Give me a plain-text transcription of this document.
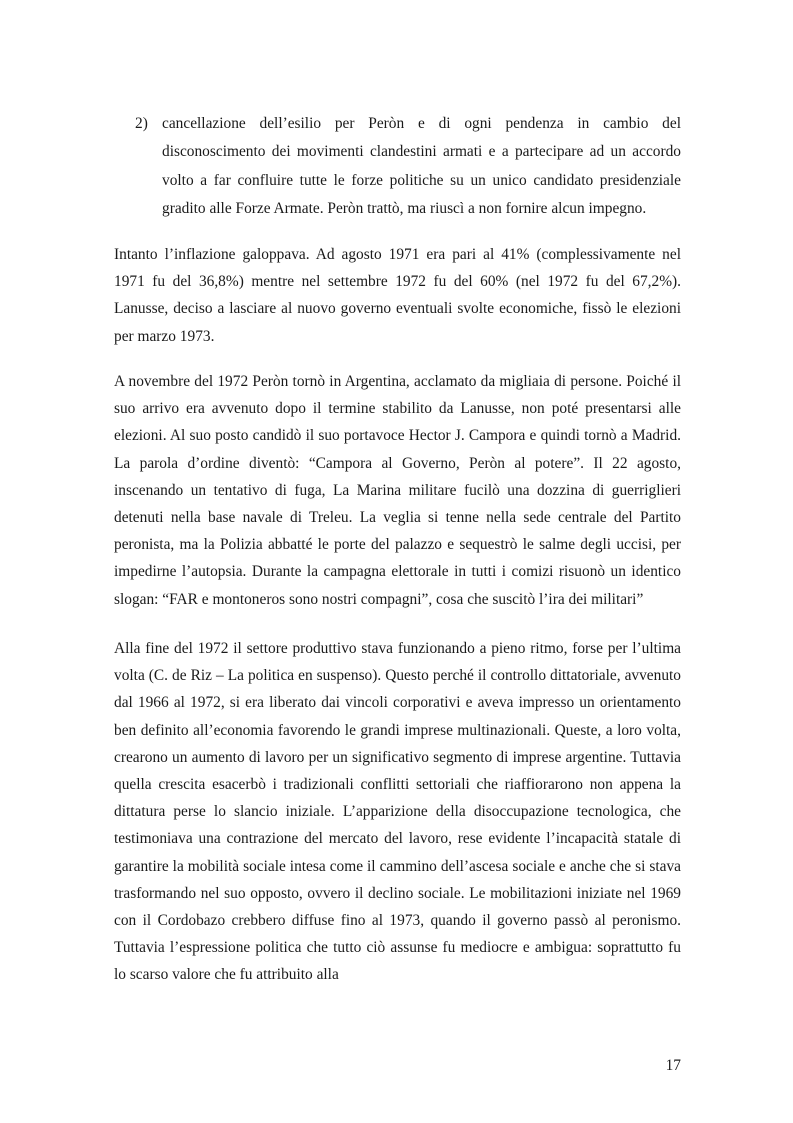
2) cancellazione dell’esilio per Peròn e di ogni pendenza in cambio del disconoscimento dei movimenti clandestini armati e a partecipare ad un accordo volto a far confluire tutte le forze politiche su un unico candidato presidenziale gradito alle Forze Armate. Peròn trattò, ma riuscì a non fornire alcun impegno.

Intanto l’inflazione galoppava. Ad agosto 1971 era pari al 41% (complessivamente nel 1971 fu del 36,8%) mentre nel settembre 1972 fu del 60% (nel 1972 fu del 67,2%). Lanusse, deciso a lasciare al nuovo governo eventuali svolte economiche, fissò le elezioni per marzo 1973.

A novembre del 1972 Peròn tornò in Argentina, acclamato da migliaia di persone. Poiché il suo arrivo era avvenuto dopo il termine stabilito da Lanusse, non poté presentarsi alle elezioni. Al suo posto candidò il suo portavoce Hector J. Campora e quindi tornò a Madrid. La parola d’ordine diventò: “Campora al Governo, Peròn al potere”. Il 22 agosto, inscenando un tentativo di fuga, La Marina militare fucilò una dozzina di guerriglieri detenuti nella base navale di Treleu. La veglia si tenne nella sede centrale del Partito peronista, ma la Polizia abbatté le porte del palazzo e sequestrò le salme degli uccisi, per impedirne l’autopsia. Durante la campagna elettorale in tutti i comizi risuonò un identico slogan: “FAR e montoneros sono nostri compagni”, cosa che suscitò l’ira dei militari”

Alla fine del 1972 il settore produttivo stava funzionando a pieno ritmo, forse per l’ultima volta (C. de Riz – La politica en suspenso). Questo perché il controllo dittatoriale, avvenuto dal 1966 al 1972, si era liberato dai vincoli corporativi e aveva impresso un orientamento ben definito all’economia favorendo le grandi imprese multinazionali. Queste, a loro volta, crearono un aumento di lavoro per un significativo segmento di imprese argentine. Tuttavia quella crescita esacerbò i tradizionali conflitti settoriali che riaffiorarono non appena la dittatura perse lo slancio iniziale. L’apparizione della disoccupazione tecnologica, che testimoniava una contrazione del mercato del lavoro, rese evidente l’incapacità statale di garantire la mobilità sociale intesa come il cammino dell’ascesa sociale e anche che si stava trasformando nel suo opposto, ovvero il declino sociale. Le mobilitazioni iniziate nel 1969 con il Cordobazo crebbero diffuse fino al 1973, quando il governo passò al peronismo. Tuttavia l’espressione politica che tutto ciò assunse fu mediocre e ambigua: soprattutto fu lo scarso valore che fu attribuito alla

17
